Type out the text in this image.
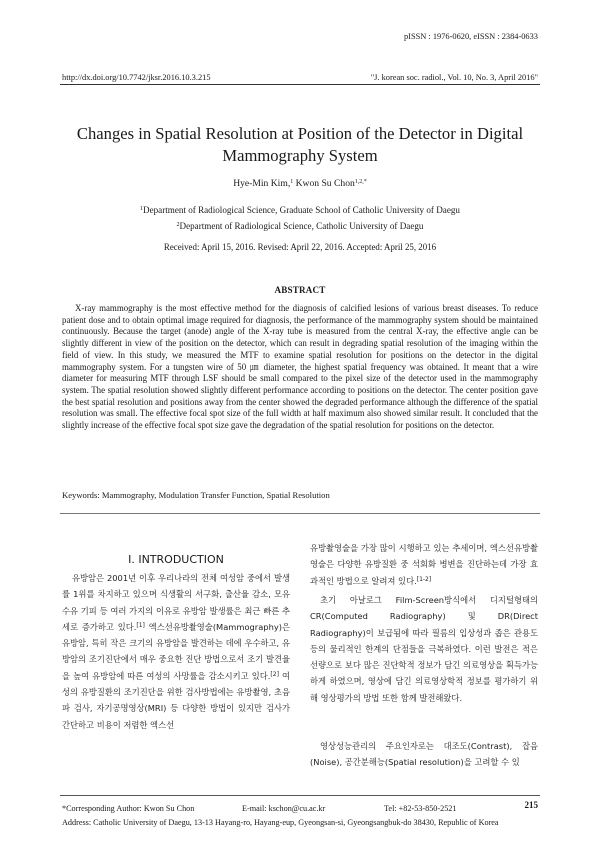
pISSN : 1976-0620, eISSN : 2384-0633
http://dx.doi.org/10.7742/jksr.2016.10.3.215	"J. korean soc. radiol., Vol. 10, No. 3, April 2016"
Changes in Spatial Resolution at Position of the Detector in Digital Mammography System
Hye-Min Kim,$^1$ Kwon Su Chon$^{1,2,*}$
$^1$Department of Radiological Science, Graduate School of Catholic University of Daegu
$^2$Department of Radiological Science, Catholic University of Daegu
Received: April 15, 2016. Revised: April 22, 2016. Accepted: April 25, 2016
ABSTRACT

X-ray mammography is the most effective method for the diagnosis of calcified lesions of various breast diseases. To reduce patient dose and to obtain optimal image required for diagnosis, the performance of the mammography system should be maintained continuously. Because the target (anode) angle of the X-ray tube is measured from the central X-ray, the effective angle can be slightly different in view of the position on the detector, which can result in degrading spatial resolution of the imaging within the field of view. In this study, we measured the MTF to examine spatial resolution for positions on the detector in the digital mammography system. For a tungsten wire of 50 ㎛ diameter, the highest spatial frequency was obtained. It meant that a wire diameter for measuring MTF through LSF should be small compared to the pixel size of the detector used in the mammography system. The spatial resolution showed slightly different performance according to positions on the detector. The center position gave the best spatial resolution and positions away from the center showed the degraded performance although the difference of the spatial resolution was small. The effective focal spot size of the full width at half maximum also showed similar result. It concluded that the slightly increase of the effective focal spot size gave the degradation of the spatial resolution for positions on the detector.

Keywords: Mammography, Modulation Transfer Function, Spatial Resolution
Ⅰ. INTRODUCTION

유방암은 2001년 이후 우리나라의 전체 여성암 중에서 발생률 1위를 차지하고 있으며 식생활의 서구화, 출산율 감소, 모유수유 기피 등 여러 가지의 이유로 유방암 발생률은 최근 빠른 추세로 증가하고 있다.[1] 엑스선유방촬영술(Mammography)은 유방암, 특히 작은 크기의 유방암을 발견하는 데에 우수하고, 유방암의 조기진단에서 매우 중요한 진단 방법으로서 조기 발견율을 높여 유방암에 따른 여성의 사망률을 감소시키고 있다.[2] 여성의 유방질환의 조기진단을 위한 검사방법에는 유방촬영, 초음파 검사, 자기공명영상(MRI) 등 다양한 방법이 있지만 검사가 간단하고 비용이 저렴한 엑스선

유방촬영술을 가장 많이 시행하고 있는 추세이며, 엑스선유방촬영술은 다양한 유방질환 중 석회화 병변을 진단하는데 가장 효과적인 방법으로 알려져 있다.[1-2]

초기 아날로그 Film-Screen방식에서 디지털형태의 CR(Computed Radiography) 및 DR(Direct Radiography)이 보급됨에 따라 필름의 입상성과 좁은 관용도 등의 물리적인 한계의 단점들을 극복하였다. 이런 발전은 적은 선량으로 보다 많은 진단학적 정보가 담긴 의료영상을 획득가능하게 하였으며, 영상에 담긴 의료영상학적 정보를 평가하기 위해 영상평가의 방법 또한 함께 발전해왔다.

영상성능관리의 주요인자로는 대조도(Contrast), 잡음(Noise), 공간분해능(Spatial resolution)을 고려할 수 있

*Corresponding Author: Kwon Su Chon	E-mail: kschon@cu.ac.kr	Tel: +82-53-850-2521	215

Address: Catholic University of Daegu, 13-13 Hayang-ro, Hayang-eup, Gyeongsan-si, Gyeongsangbuk-do 38430, Republic of Korea
